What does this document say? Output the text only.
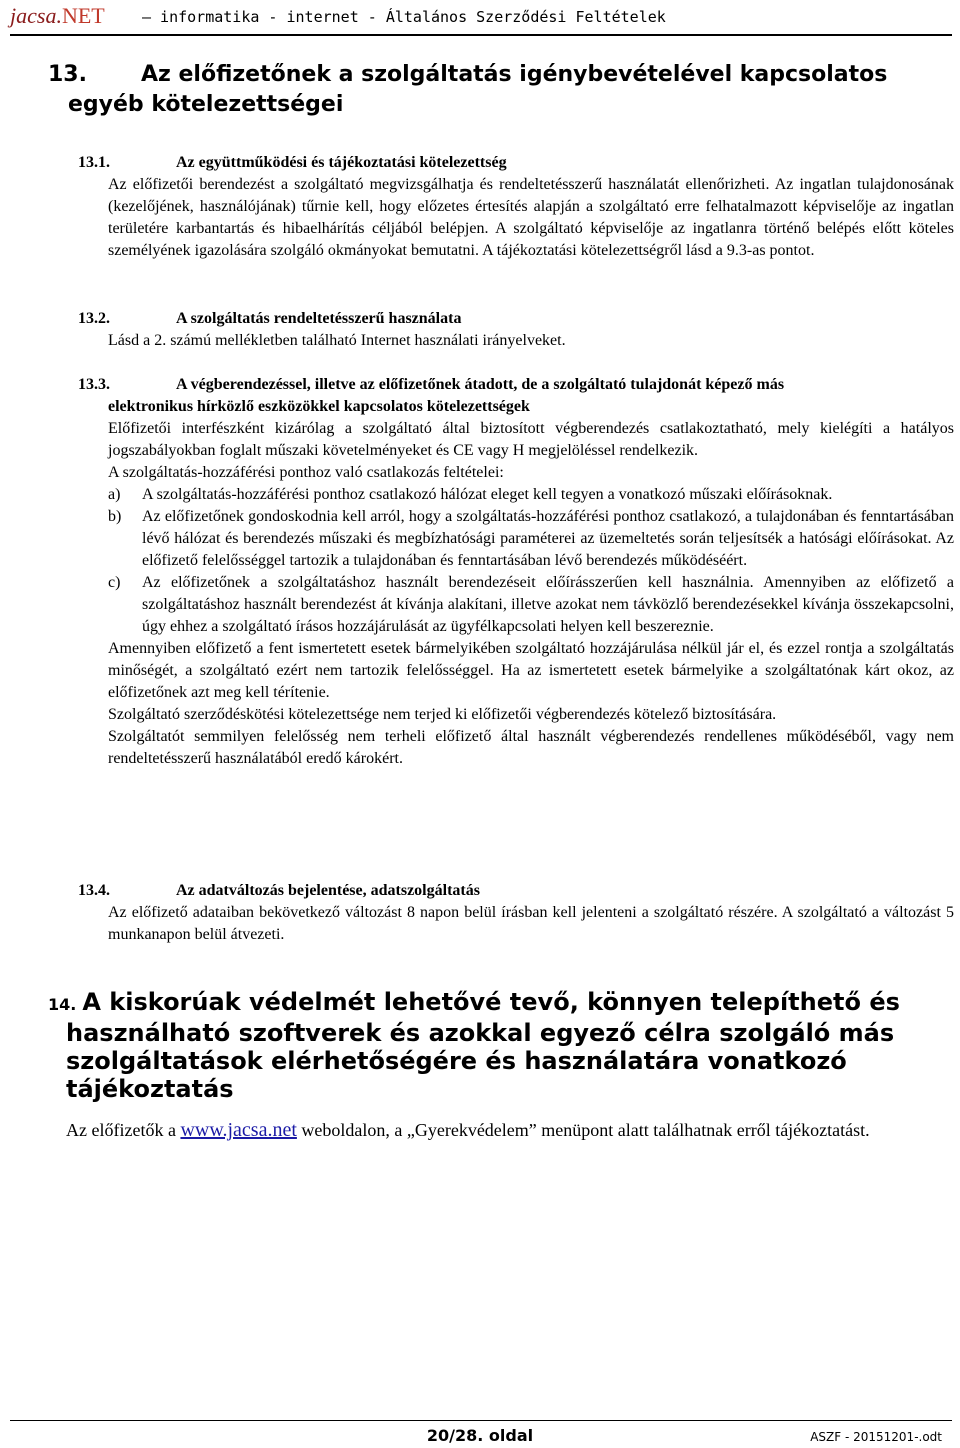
jacsa.NET – informatika - internet - Általános Szerződési Feltételek
13. Az előfizetőnek a szolgáltatás igénybevételével kapcsolatos
egyéb kötelezettségei
13.1.	Az együttműködési és tájékoztatási kötelezettség

Az előfizetői berendezést a szolgáltató megvizsgálhatja és rendeltetésszerű használatát ellenőrizheti. Az ingatlan tulajdonosának (kezelőjének, használójának) tűrnie kell, hogy előzetes értesítés alapján a szolgáltató erre felhatalmazott képviselője az ingatlan területére karbantartás és hibaelhárítás céljából belépjen. A szolgáltató képviselője az ingatlanra történő belépés előtt köteles személyének igazolására szolgáló okmányokat bemutatni. A tájékoztatási kötelezettségről lásd a 9.3-as pontot.

13.2.	A szolgáltatás rendeltetésszerű használata

Lásd a 2. számú mellékletben található Internet használati irányelveket.

13.3.	A végberendezéssel, illetve az előfizetőnek átadott, de a szolgáltató tulajdonát képező más
elektronikus hírközlő eszközökkel kapcsolatos kötelezettségek

Előfizetői interfészként kizárólag a szolgáltató által biztosított végberendezés csatlakoztatható, mely kielégíti a hatályos jogszabályokban foglalt műszaki követelményeket és CE vagy H megjelöléssel rendelkezik.

A szolgáltatás-hozzáférési ponthoz való csatlakozás feltételei:

a) A szolgáltatás-hozzáférési ponthoz csatlakozó hálózat eleget kell tegyen a vonatkozó műszaki előírásoknak.
b) Az előfizetőnek gondoskodnia kell arról, hogy a szolgáltatás-hozzáférési ponthoz csatlakozó, a tulajdonában és fenntartásában lévő hálózat és berendezés műszaki és megbízhatósági paraméterei az üzemeltetés során teljesítsék a hatósági előírásokat. Az előfizető felelősséggel tartozik a tulajdonában és fenntartásában lévő berendezés működéséért.
c) Az előfizetőnek a szolgáltatáshoz használt berendezéseit előírásszerűen kell használnia. Amennyiben az előfizető a szolgáltatáshoz használt berendezést át kívánja alakítani, illetve azokat nem távközlő berendezésekkel kívánja összekapcsolni, úgy ehhez a szolgáltató írásos hozzájárulását az ügyfélkapcsolati helyen kell beszereznie.

Amennyiben előfizető a fent ismertetett esetek bármelyikében szolgáltató hozzájárulása nélkül jár el, és ezzel rontja a szolgáltatás minőségét, a szolgáltató ezért nem tartozik felelősséggel. Ha az ismertetett esetek bármelyike a szolgáltatónak kárt okoz, az előfizetőnek azt meg kell térítenie.

Szolgáltató szerződéskötési kötelezettsége nem terjed ki előfizetői végberendezés kötelező biztosítására.

Szolgáltatót semmilyen felelősség nem terheli előfizető által használt végberendezés rendellenes működéséből, vagy nem rendeltetésszerű használatából eredő károkért.

13.4.	Az adatváltozás bejelentése, adatszolgáltatás

Az előfizető adataiban bekövetkező változást 8 napon belül írásban kell jelenteni a szolgáltató részére. A szolgáltató a változást 5 munkanapon belül átvezeti.

14. A kiskorúak védelmét lehetővé tevő, könnyen telepíthető és
használható szoftverek és azokkal egyező célra szolgáló más
szolgáltatások elérhetőségére és használatára vonatkozó
tájékoztatás
Az előfizetők a www.jacsa.net weboldalon, a „Gyerekvédelem” menüpont alatt találhatnak erről tájékoztatást.
20/28. oldal	ASZF - 20151201-.odt
